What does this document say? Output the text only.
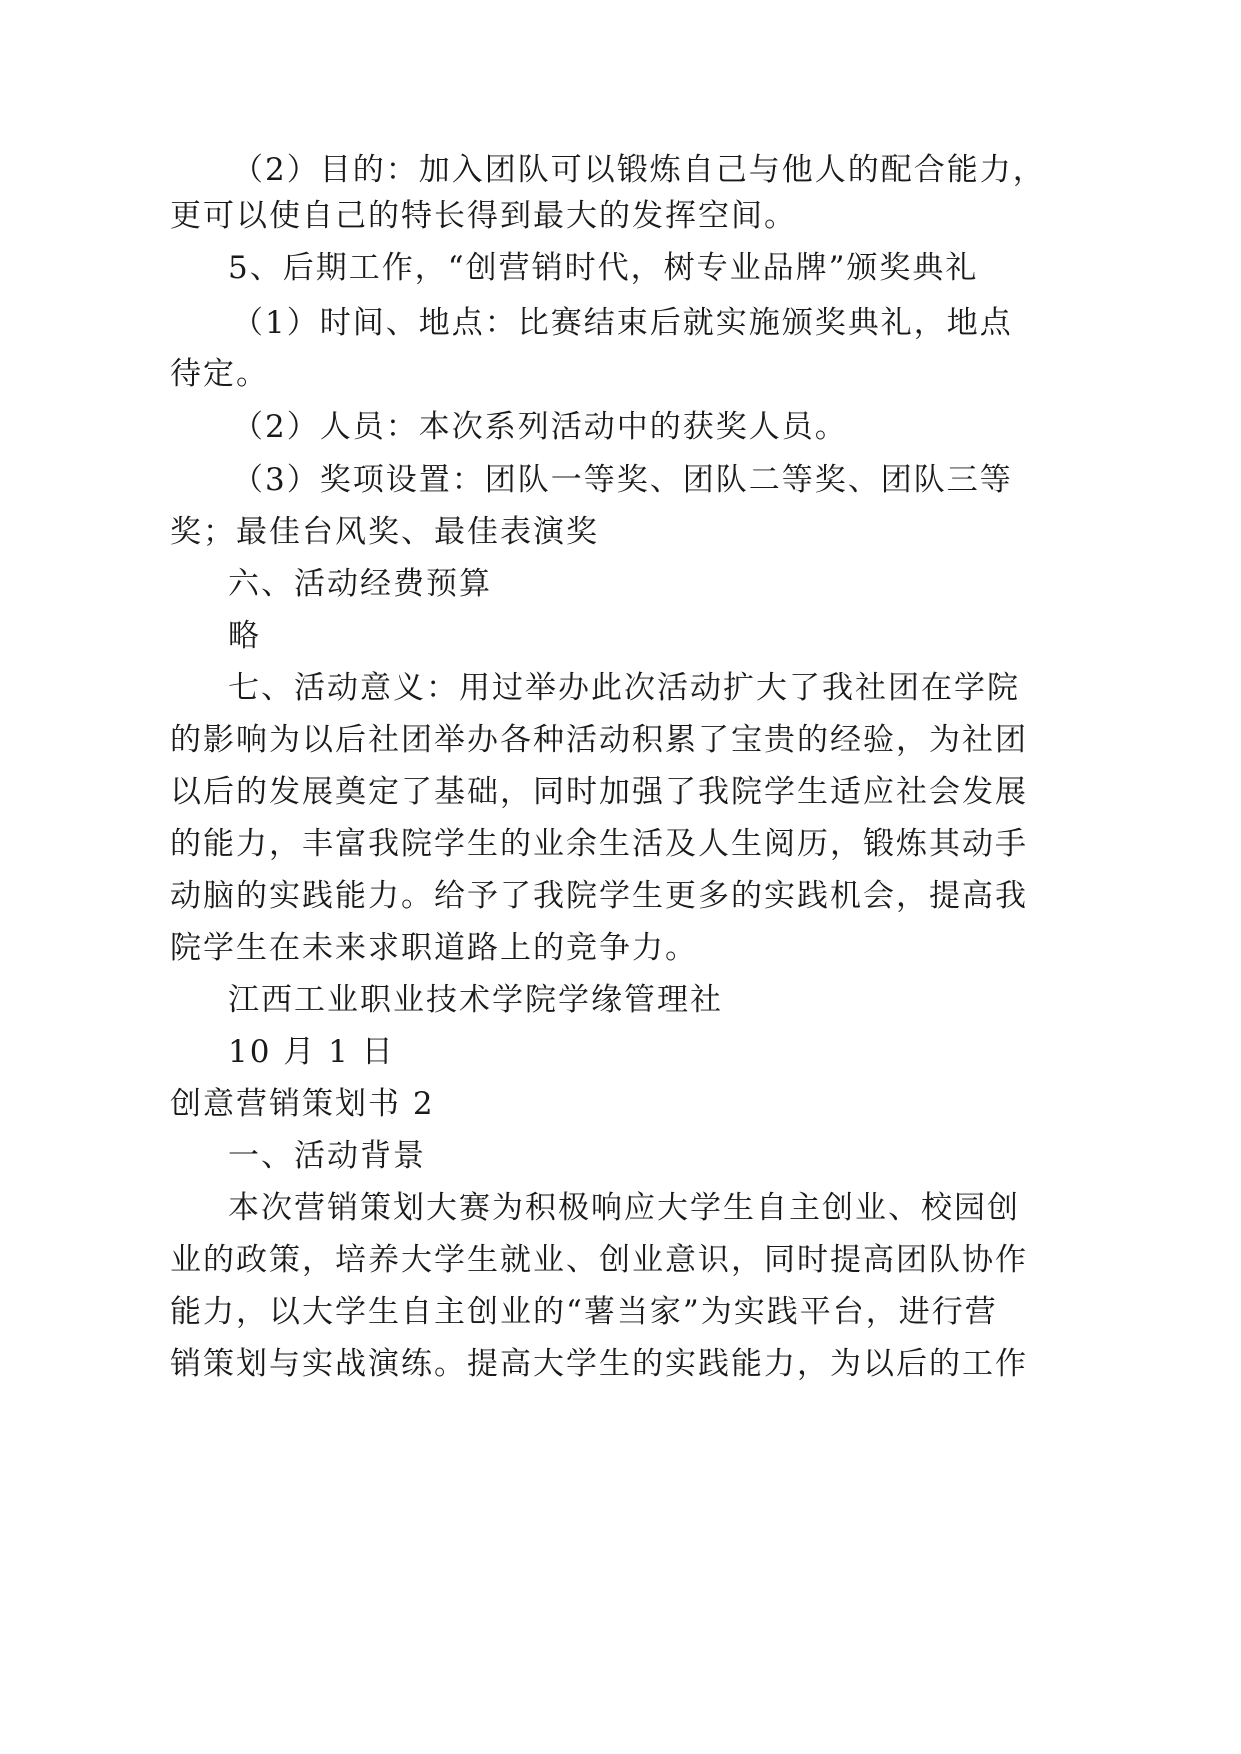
（2）目的：加入团队可以锻炼自己与他人的配合能力，
更可以使自己的特长得到最大的发挥空间。
5、后期工作，“创营销时代，树专业品牌”颁奖典礼
（1）时间、地点：比赛结束后就实施颁奖典礼，地点
待定。
（2）人员：本次系列活动中的获奖人员。
（3）奖项设置：团队一等奖、团队二等奖、团队三等
奖；最佳台风奖、最佳表演奖
六、活动经费预算
略
七、活动意义：用过举办此次活动扩大了我社团在学院
的影响为以后社团举办各种活动积累了宝贵的经验，为社团
以后的发展奠定了基础，同时加强了我院学生适应社会发展
的能力，丰富我院学生的业余生活及人生阅历，锻炼其动手
动脑的实践能力。给予了我院学生更多的实践机会，提高我
院学生在未来求职道路上的竞争力。
江西工业职业技术学院学缘管理社
10 月 1 日
创意营销策划书 2
一、活动背景
本次营销策划大赛为积极响应大学生自主创业、校园创
业的政策，培养大学生就业、创业意识，同时提高团队协作
能力，以大学生自主创业的“薯当家”为实践平台，进行营
销策划与实战演练。提高大学生的实践能力，为以后的工作
